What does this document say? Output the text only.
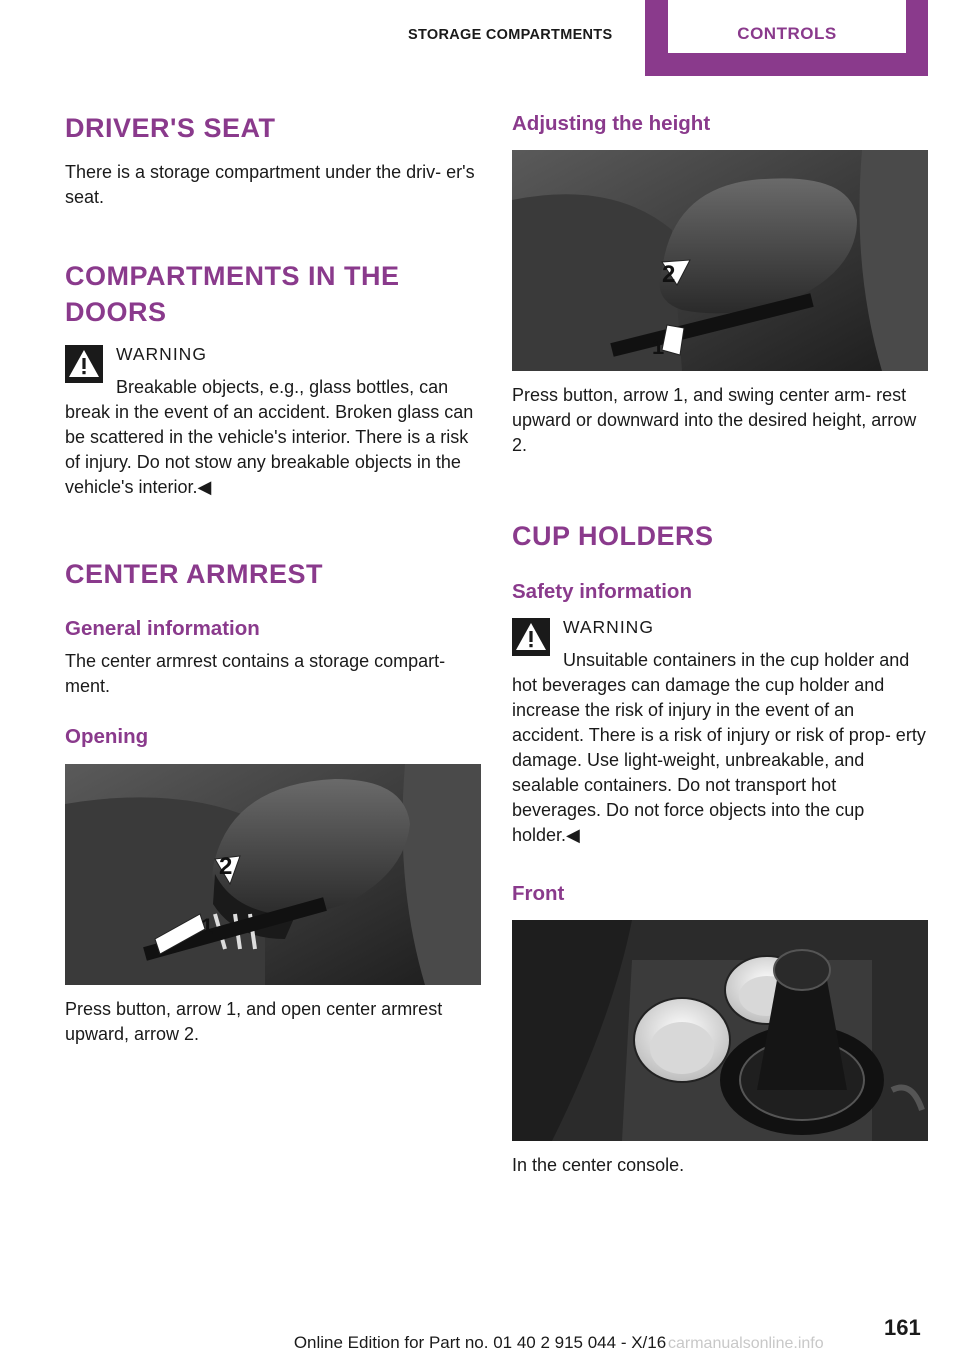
STORAGE COMPARTMENTS	CONTROLS
DRIVER'S SEAT

There is a storage compartment under the driv‐ er's seat.

COMPARTMENTS IN THE
DOORS
WARNING

Breakable objects, e.g., glass bottles, can break in the event of an accident. Broken glass can be scattered in the vehicle's interior. There is a risk of injury. Do not stow any breakable objects in the vehicle's interior.◀

CENTER ARMREST
General information

The center armrest contains a storage compart‐ ment.

Opening
2
1

Press button, arrow 1, and open center armrest upward, arrow 2.

Adjusting the height
2
1

Press button, arrow 1, and swing center arm‐ rest upward or downward into the desired height, arrow 2.

CUP HOLDERS
Safety information
WARNING

Unsuitable containers in the cup holder and hot beverages can damage the cup holder and increase the risk of injury in the event of an accident. There is a risk of injury or risk of prop‐ erty damage. Use light-weight, unbreakable, and sealable containers. Do not transport hot beverages. Do not force objects into the cup holder.◀

Front

In the center console.

161
Online Edition for Part no. 01 40 2 915 044 - X/16 carmanualsonline.info
